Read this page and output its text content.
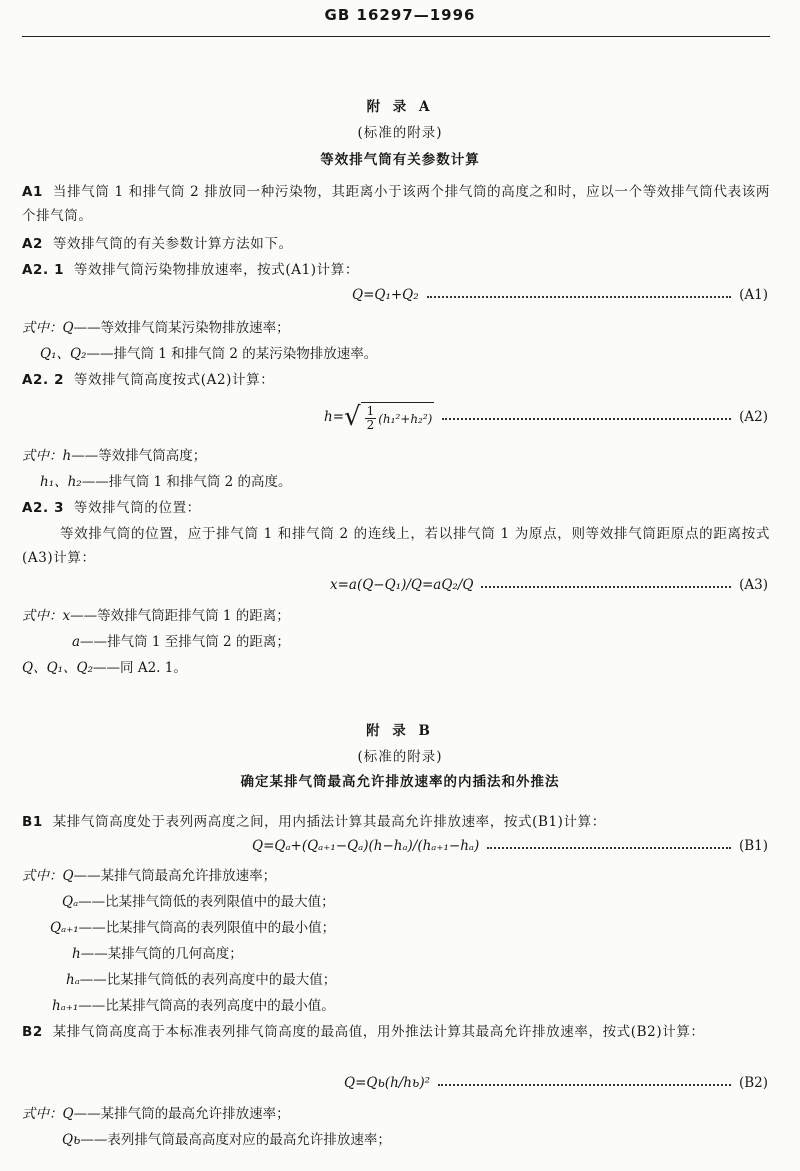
GB 16297—1996
附 录 A
(标准的附录)
等效排气筒有关参数计算
A1 当排气筒 1 和排气筒 2 排放同一种污染物，其距离小于该两个排气筒的高度之和时，应以一个等效排气筒代表该两个排气筒。
A2 等效排气筒的有关参数计算方法如下。
A2. 1 等效排气筒污染物排放速率，按式(A1)计算：
Q=Q₁+Q₂	(A1)
式中：Q——等效排气筒某污染物排放速率；
Q₁、Q₂——排气筒 1 和排气筒 2 的某污染物排放速率。
A2. 2 等效排气筒高度按式(A2)计算：
h= √ $\frac{1}{2} (h_1^2+h_2^2)$	(A2)
式中：h——等效排气筒高度；
h₁、h₂——排气筒 1 和排气筒 2 的高度。
A2. 3 等效排气筒的位置：
等效排气筒的位置，应于排气筒 1 和排气筒 2 的连线上，若以排气筒 1 为原点，则等效排气筒距原点的距离按式(A3)计算：
x=a(Q−Q₁)/Q=aQ₂/Q	(A3)
式中：x——等效排气筒距排气筒 1 的距离；
a——排气筒 1 至排气筒 2 的距离；
Q、Q₁、Q₂——同 A2. 1。
附 录 B
(标准的附录)
确定某排气筒最高允许排放速率的内插法和外推法
B1 某排气筒高度处于表列两高度之间，用内插法计算其最高允许排放速率，按式(B1)计算：
Q=Qₐ+(Qₐ₊₁−Qₐ)(h−hₐ)/(hₐ₊₁−hₐ)	(B1)
式中：Q——某排气筒最高允许排放速率；
Qₐ——比某排气筒低的表列限值中的最大值；
Qₐ₊₁——比某排气筒高的表列限值中的最小值；
h——某排气筒的几何高度；
hₐ——比某排气筒低的表列高度中的最大值；
hₐ₊₁——比某排气筒高的表列高度中的最小值。
B2 某排气筒高度高于本标准表列排气筒高度的最高值，用外推法计算其最高允许排放速率，按式(B2)计算：
Q=Qь(h/hь)²	(B2)
式中：Q——某排气筒的最高允许排放速率；
Qь——表列排气筒最高高度对应的最高允许排放速率；
